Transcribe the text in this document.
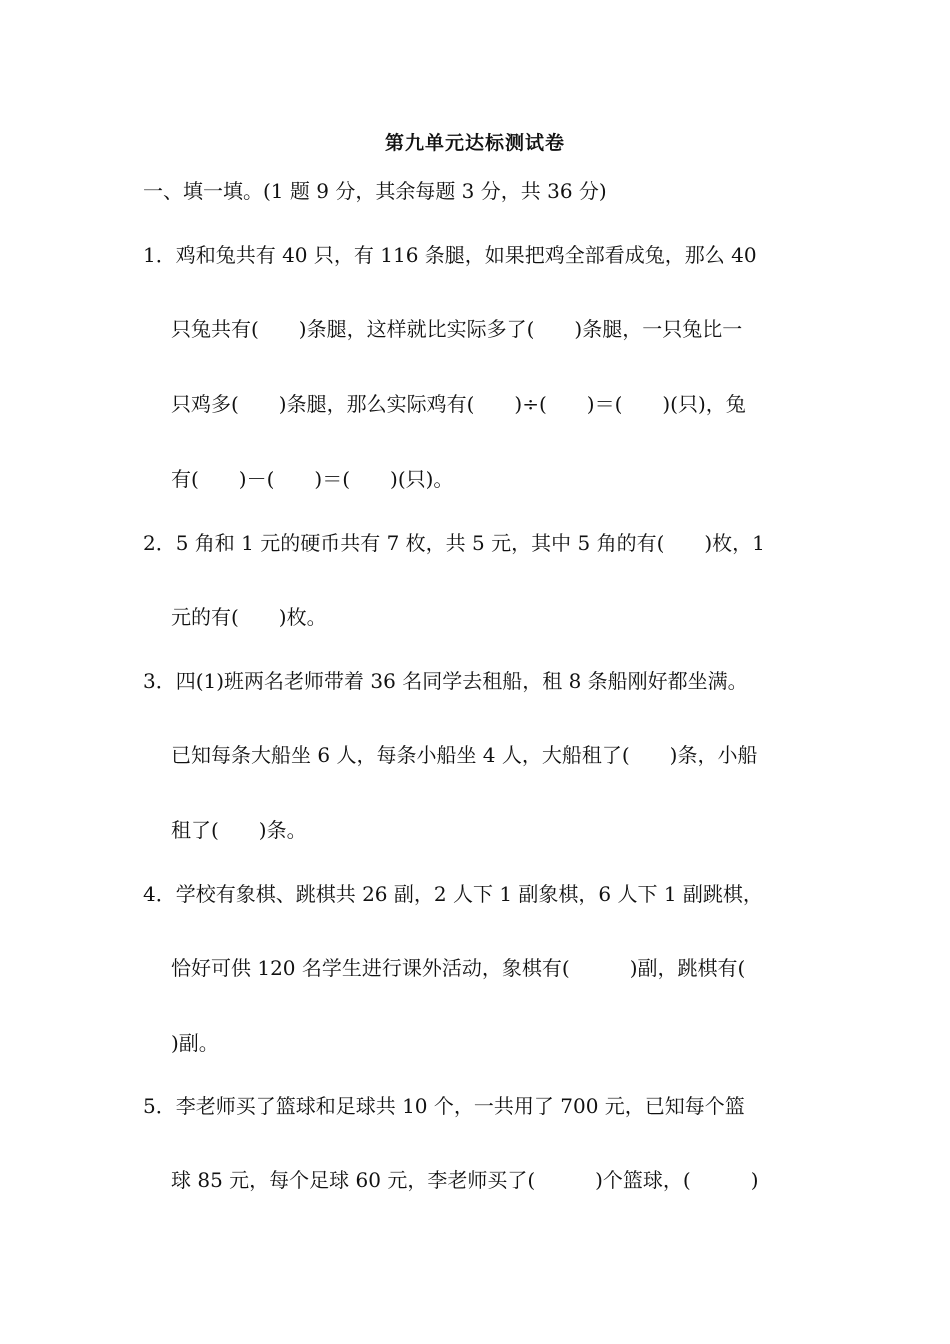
第九单元达标测试卷
一、填一填。(1 题 9 分，其余每题 3 分，共 36 分)
1．鸡和兔共有 40 只，有 116 条腿，如果把鸡全部看成兔，那么 40
只兔共有(　　)条腿，这样就比实际多了(　　)条腿，一只兔比一
只鸡多(　　)条腿，那么实际鸡有(　　)÷(　　)＝(　　)(只)，兔
有(　　)－(　　)＝(　　)(只)。
2．5 角和 1 元的硬币共有 7 枚，共 5 元，其中 5 角的有(　　)枚，1
元的有(　　)枚。
3．四(1)班两名老师带着 36 名同学去租船，租 8 条船刚好都坐满。
已知每条大船坐 6 人，每条小船坐 4 人，大船租了(　　)条，小船
租了(　　)条。
4．学校有象棋、跳棋共 26 副，2 人下 1 副象棋，6 人下 1 副跳棋，
恰好可供 120 名学生进行课外活动，象棋有(　　　)副，跳棋有(
)副。
5．李老师买了篮球和足球共 10 个，一共用了 700 元，已知每个篮
球 85 元，每个足球 60 元，李老师买了(　　　)个篮球，(　　　)
